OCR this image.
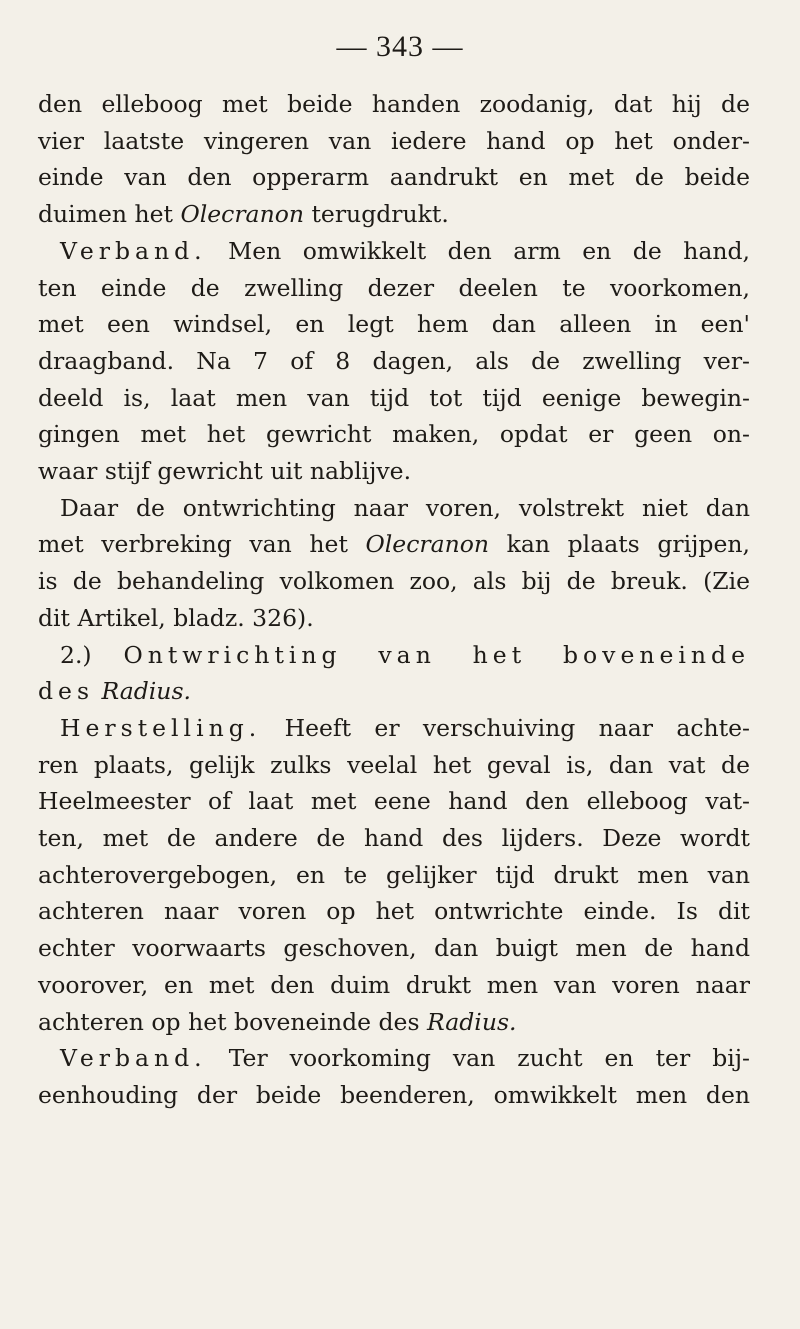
— 343 —
den elleboog met beide handen zoodanig, dat hij de
vier laatste vingeren van iedere hand op het onder-
einde van den opperarm aandrukt en met de beide
duimen het Olecranon terugdrukt.
Verband. Men omwikkelt den arm en de hand,
ten einde de zwelling dezer deelen te voorkomen,
met een windsel, en legt hem dan alleen in een'
draagband. Na 7 of 8 dagen, als de zwelling ver-
deeld is, laat men van tijd tot tijd eenige bewegin-
gingen met het gewricht maken, opdat er geen on-
waar stijf gewricht uit nablijve.
Daar de ontwrichting naar voren, volstrekt niet dan
met verbreking van het Olecranon kan plaats grijpen,
is de behandeling volkomen zoo, als bij de breuk. (Zie
dit Artikel, bladz. 326).
2.) Ontwrichting van het boveneinde
des Radius.
Herstelling. Heeft er verschuiving naar achte-
ren plaats, gelijk zulks veelal het geval is, dan vat de
Heelmeester of laat met eene hand den elleboog vat-
ten, met de andere de hand des lijders. Deze wordt
achterovergebogen, en te gelijker tijd drukt men van
achteren naar voren op het ontwrichte einde. Is dit
echter voorwaarts geschoven, dan buigt men de hand
voorover, en met den duim drukt men van voren naar
achteren op het boveneinde des Radius.
Verband. Ter voorkoming van zucht en ter bij-
eenhouding der beide beenderen, omwikkelt men den
